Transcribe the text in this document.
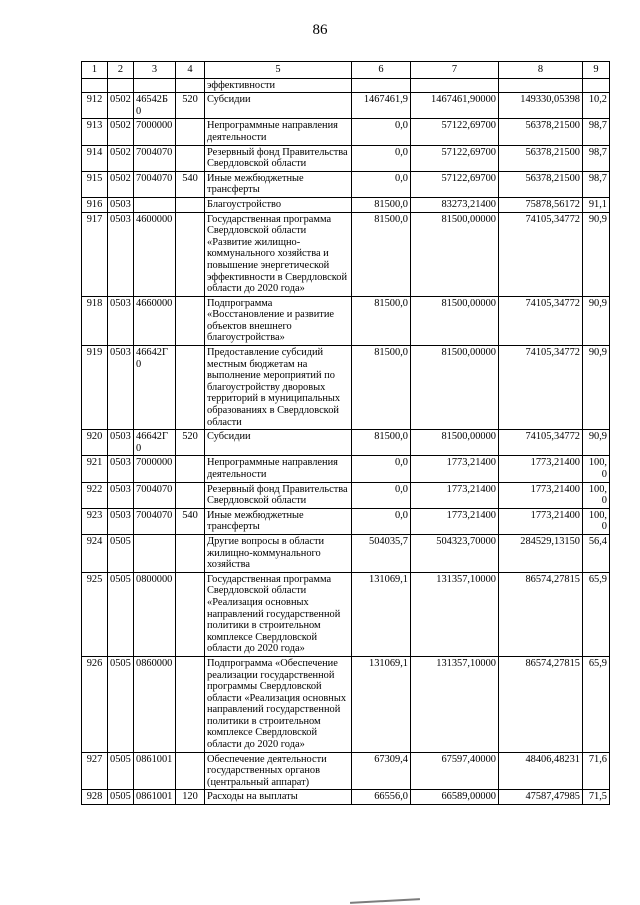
86
1	2	3	4	5	6	7	8	9
				эффективности				
912	0502	46542Б0	520	Субсидии	1467461,9	1467461,90000	149330,05398	10,2
913	0502	7000000		Непрограммные направления деятельности	0,0	57122,69700	56378,21500	98,7
914	0502	7004070		Резервный фонд Правительства Свердловской области	0,0	57122,69700	56378,21500	98,7
915	0502	7004070	540	Иные межбюджетные трансферты	0,0	57122,69700	56378,21500	98,7
916	0503			Благоустройство	81500,0	83273,21400	75878,56172	91,1
917	0503	4600000		Государственная программа Свердловской области «Развитие жилищно-коммунального хозяйства и повышение энергетической эффективности в Свердловской области до 2020 года»	81500,0	81500,00000	74105,34772	90,9
918	0503	4660000		Подпрограмма «Восстановление и развитие объектов внешнего благоустройства»	81500,0	81500,00000	74105,34772	90,9
919	0503	46642Г0		Предоставление субсидий местным бюджетам на выполнение мероприятий по благоустройству дворовых территорий в муниципальных образованиях в Свердловской области	81500,0	81500,00000	74105,34772	90,9
920	0503	46642Г0	520	Субсидии	81500,0	81500,00000	74105,34772	90,9
921	0503	7000000		Непрограммные направления деятельности	0,0	1773,21400	1773,21400	100,0
922	0503	7004070		Резервный фонд Правительства Свердловской области	0,0	1773,21400	1773,21400	100,0
923	0503	7004070	540	Иные межбюджетные трансферты	0,0	1773,21400	1773,21400	100,0
924	0505			Другие вопросы в области жилищно-коммунального хозяйства	504035,7	504323,70000	284529,13150	56,4
925	0505	0800000		Государственная программа Свердловской области «Реализация основных направлений государственной политики в строительном комплексе Свердловской области до 2020 года»	131069,1	131357,10000	86574,27815	65,9
926	0505	0860000		Подпрограмма «Обеспечение реализации государственной программы Свердловской области «Реализация основных направлений государственной политики в строительном комплексе Свердловской области до 2020 года»	131069,1	131357,10000	86574,27815	65,9
927	0505	0861001		Обеспечение деятельности государственных органов (центральный аппарат)	67309,4	67597,40000	48406,48231	71,6
928	0505	0861001	120	Расходы на выплаты	66556,0	66589,00000	47587,47985	71,5
